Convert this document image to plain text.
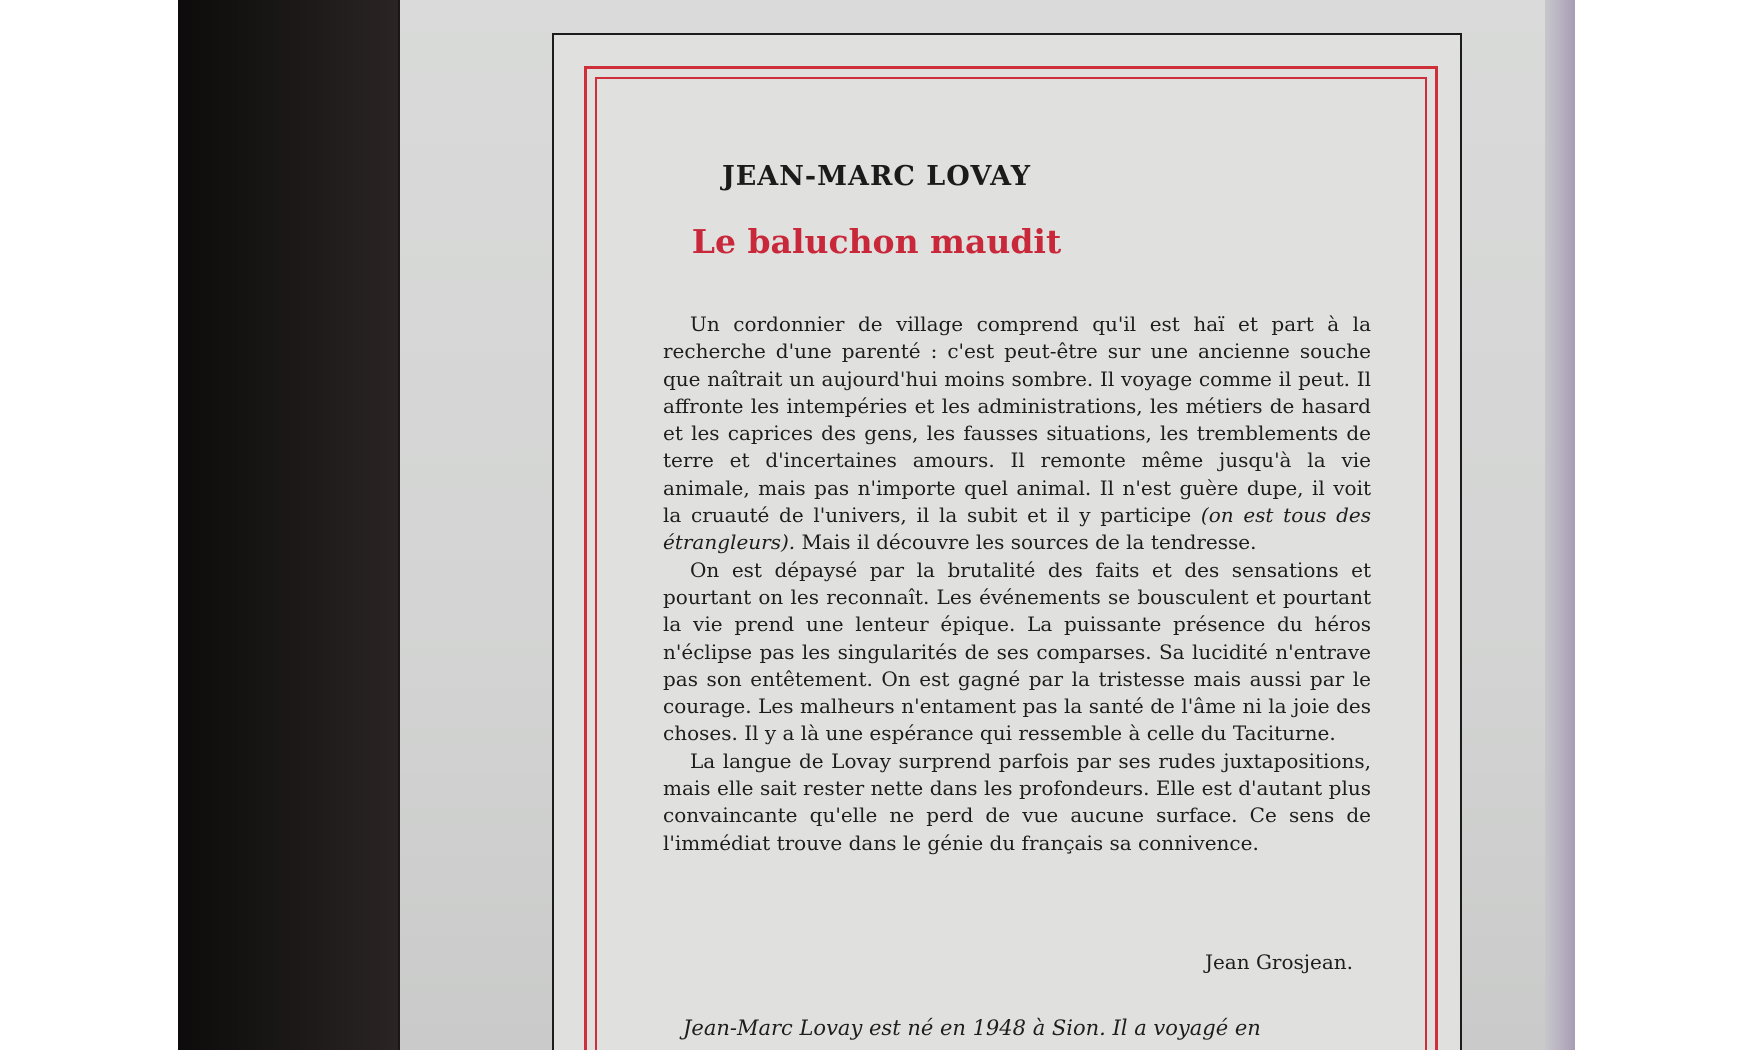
JEAN-MARC LOVAY
Le baluchon maudit

Un cordonnier de village comprend qu'il est haï et part à la recherche d'une parenté : c'est peut-être sur une ancienne souche que naîtrait un aujourd'hui moins sombre. Il voyage comme il peut. Il affronte les intempéries et les administrations, les métiers de hasard et les caprices des gens, les fausses situations, les tremblements de terre et d'incertaines amours. Il remonte même jusqu'à la vie animale, mais pas n'importe quel animal. Il n'est guère dupe, il voit la cruauté de l'univers, il la subit et il y participe (on est tous des étrangleurs). Mais il découvre les sources de la tendresse.

On est dépaysé par la brutalité des faits et des sensations et pourtant on les reconnaît. Les événements se bousculent et pourtant la vie prend une lenteur épique. La puissante présence du héros n'éclipse pas les singularités de ses comparses. Sa lucidité n'entrave pas son entêtement. On est gagné par la tristesse mais aussi par le courage. Les malheurs n'entament pas la santé de l'âme ni la joie des choses. Il y a là une espérance qui ressemble à celle du Taciturne.

La langue de Lovay surprend parfois par ses rudes juxtapositions, mais elle sait rester nette dans les profondeurs. Elle est d'autant plus convaincante qu'elle ne perd de vue aucune surface. Ce sens de l'immédiat trouve dans le génie du français sa connivence.

Jean Grosjean.

Jean-Marc Lovay est né en 1948 à Sion. Il a voyagé en
